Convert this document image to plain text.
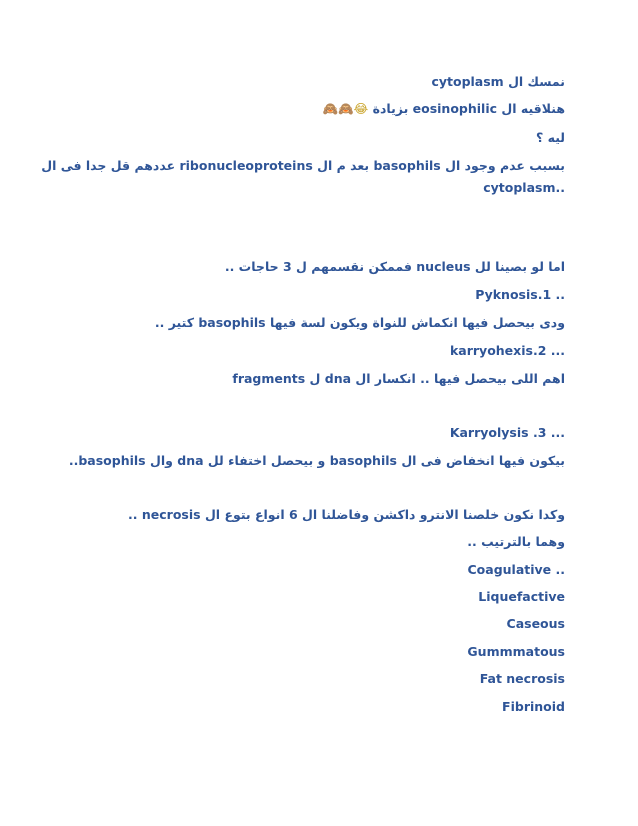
نمسك ال cytoplasm

هنلاقيه ال eosinophilic بزيادة 😂🙈🙈

ليه ؟

بسبب عدم وجود ال basophils بعد م ال ribonucleoproteins عددهم قل جدا فى ال

..cytoplasm

اما لو بصينا لل nucleus فممكن نقسمهم ل 3 حاجات ..

Pyknosis.1 ..

ودى بيحصل فيها انكماش للنواة ويكون لسة فيها basophils كتير ..

karryohexis.2 ...

اهم اللى بيحصل فيها .. انكسار ال dna ل fragments

Karryolysis .3 ...

بيكون فيها انخفاض فى ال basophils و بيحصل اختفاء لل dna وال basophils..

وكدا نكون خلصنا الانترو داكشن وفاضلنا ال 6 انواع بتوع ال necrosis ..

وهما بالترتيب ..

Coagulative ..

Liquefactive

Caseous

Gummmatous

Fat necrosis

Fibrinoid
